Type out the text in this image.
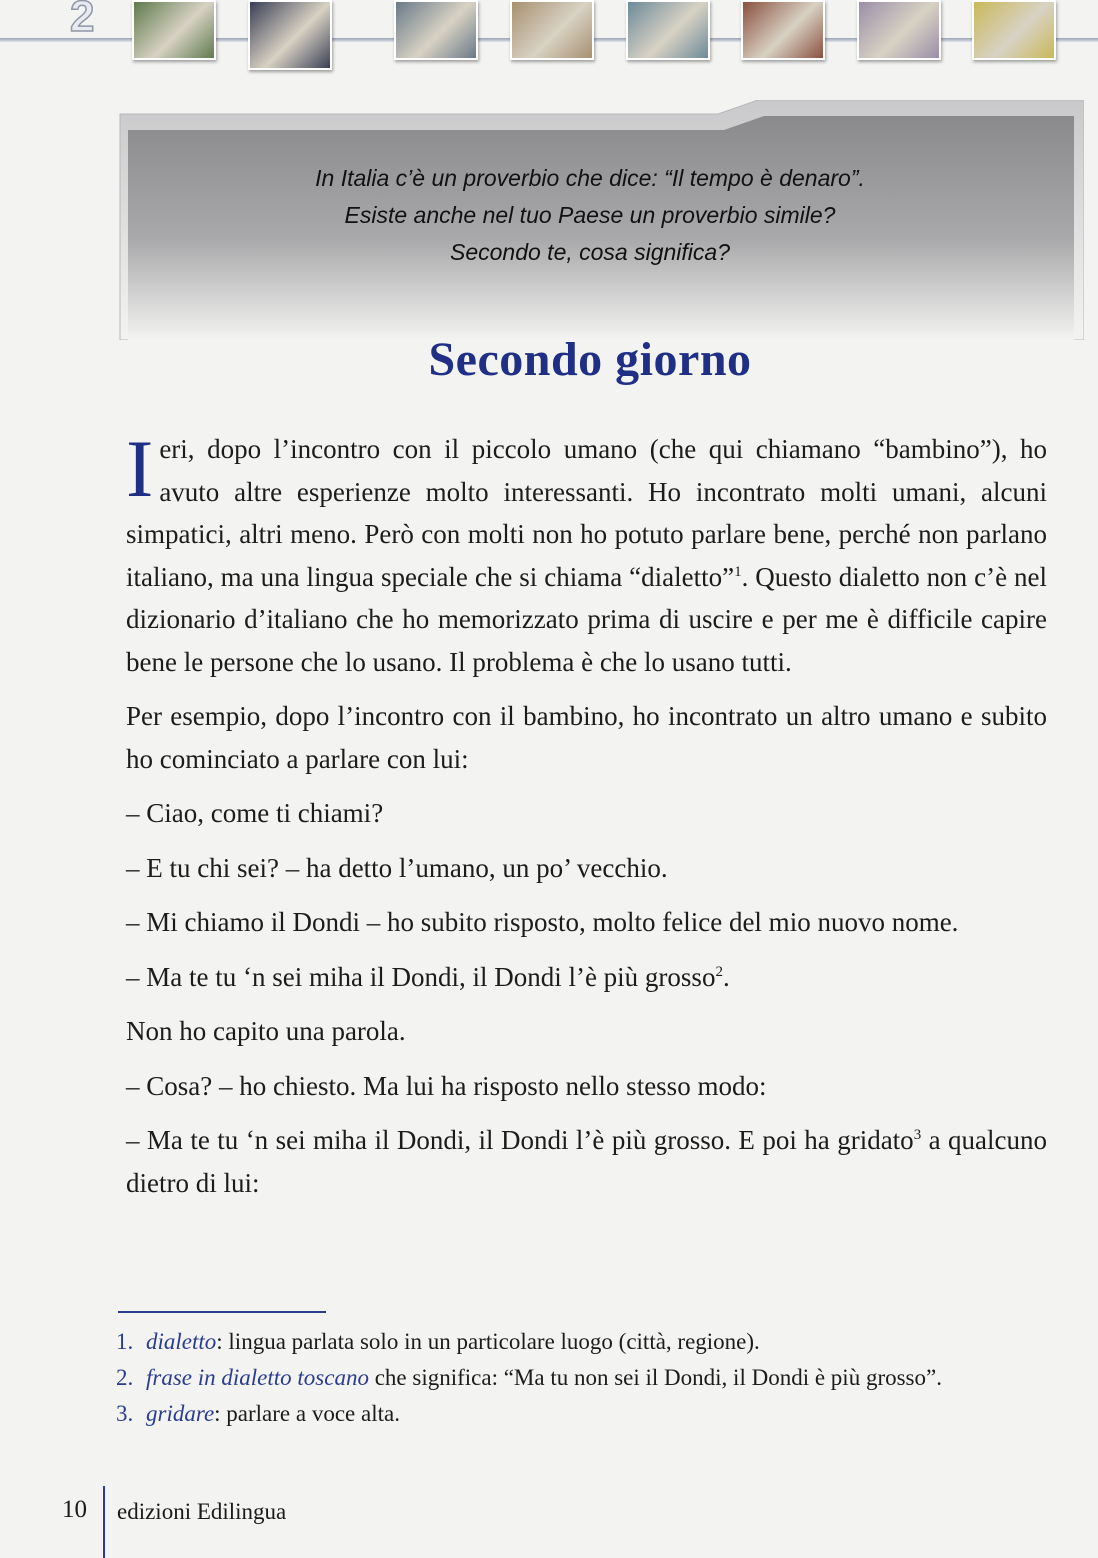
2
In Italia c’è un proverbio che dice: “Il tempo è denaro”.
Esiste anche nel tuo Paese un proverbio simile?
Secondo te, cosa significa?
Secondo giorno

Ieri, dopo l’incontro con il piccolo umano (che qui chiamano “bambino”), ho avuto altre esperienze molto interessanti. Ho incontrato molti umani, alcuni simpatici, altri meno. Però con molti non ho potuto parlare bene, perché non parlano italiano, ma una lingua speciale che si chiama “dialetto”$^1$. Questo dialetto non c’è nel dizionario d’italiano che ho memorizzato prima di uscire e per me è difficile capire bene le persone che lo usano. Il problema è che lo usano tutti.

Per esempio, dopo l’incontro con il bambino, ho incontrato un altro umano e subito ho cominciato a parlare con lui:

– Ciao, come ti chiami?

– E tu chi sei? – ha detto l’umano, un po’ vecchio.

– Mi chiamo il Dondi – ho subito risposto, molto felice del mio nuovo nome.

– Ma te tu ‘n sei miha il Dondi, il Dondi l’è più grosso$^2$.

Non ho capito una parola.

– Cosa? – ho chiesto. Ma lui ha risposto nello stesso modo:

– Ma te tu ‘n sei miha il Dondi, il Dondi l’è più grosso. E poi ha gridato$^3$ a qualcuno dietro di lui:

1. dialetto: lingua parlata solo in un particolare luogo (città, regione).
2. frase in dialetto toscano che significa: “Ma tu non sei il Dondi, il Dondi è più grosso”.
3. gridare: parlare a voce alta.
10 edizioni Edilingua
